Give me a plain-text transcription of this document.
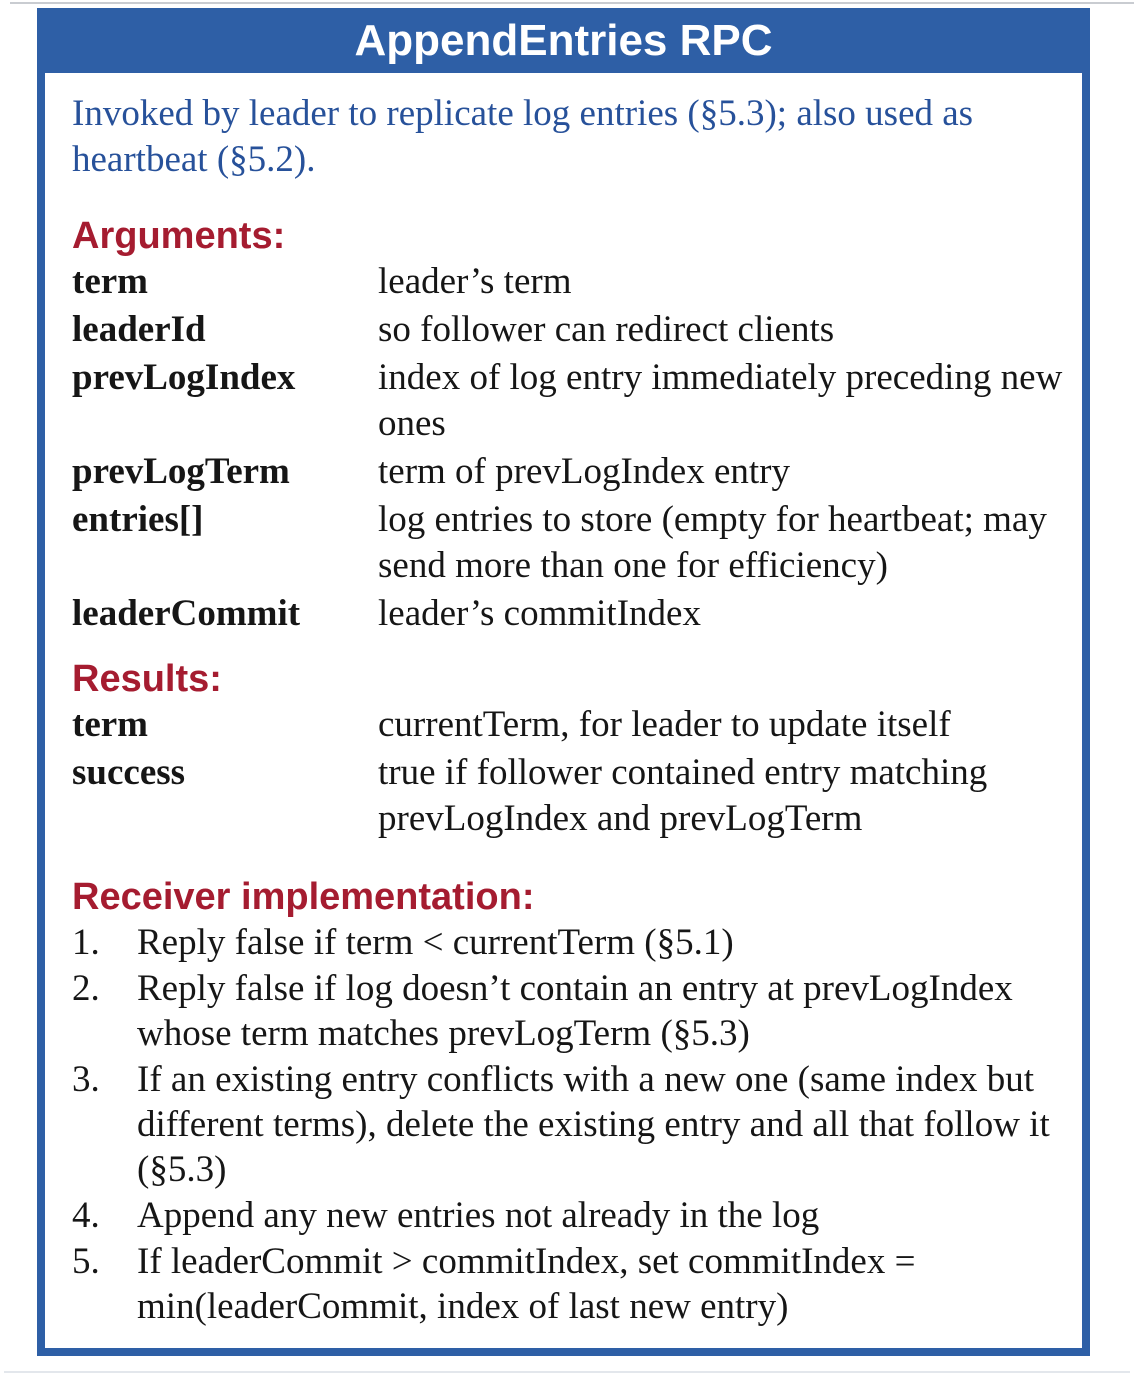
AppendEntries RPC
Invoked by leader to replicate log entries (§5.3); also used as heartbeat (§5.2).
Arguments:
term	leader’s term
leaderId	so follower can redirect clients
prevLogIndex	index of log entry immediately preceding new ones
prevLogTerm	term of prevLogIndex entry
entries[]	log entries to store (empty for heartbeat; may send more than one for efficiency)
leaderCommit	leader’s commitIndex
Results:
term	currentTerm, for leader to update itself
success	true if follower contained entry matching prevLogIndex and prevLogTerm
Receiver implementation:
1.	Reply false if term < currentTerm (§5.1)
2.	Reply false if log doesn’t contain an entry at prevLogIndex whose term matches prevLogTerm (§5.3)
3.	If an existing entry conflicts with a new one (same index but different terms), delete the existing entry and all that follow it (§5.3)
4.	Append any new entries not already in the log
5.	If leaderCommit > commitIndex, set commitIndex = min(leaderCommit, index of last new entry)
